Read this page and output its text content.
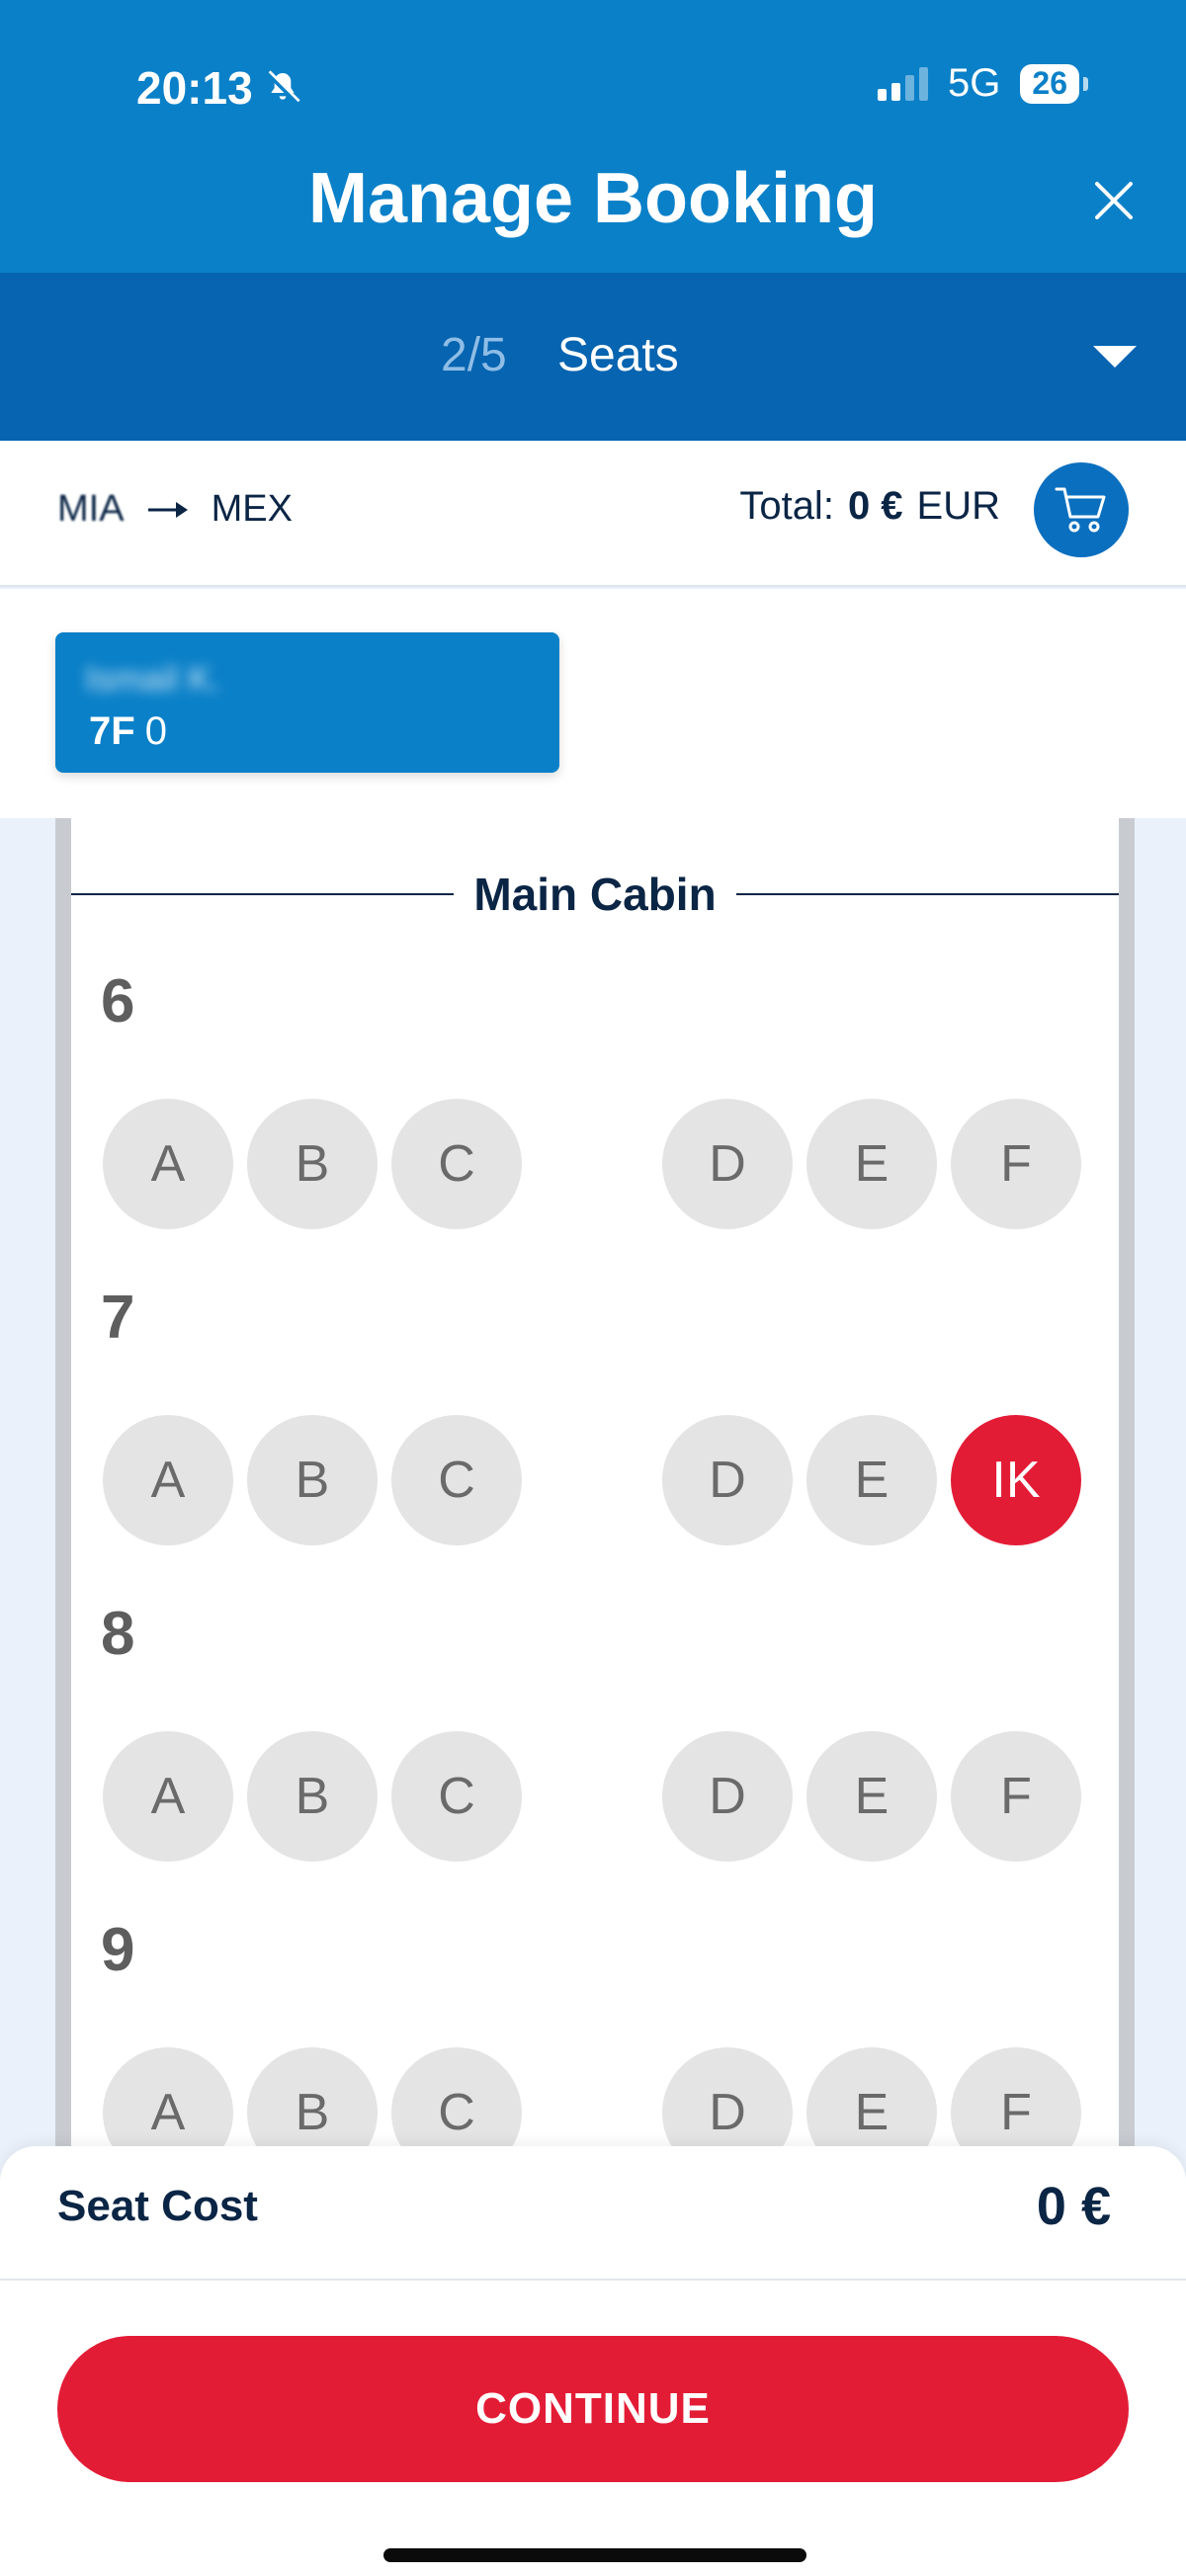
20:13	5G 26
Manage Booking
2/5 Seats
MIA MEX	Total: 0 € EUR
Ismail K.
7F 0
Main Cabin
6
A	B	C	D	E	F
7
A	B	C	D	E	IK
8
A	B	C	D	E	F
9
A	B	C	D	E	F
Seat Cost	0 €
CONTINUE
